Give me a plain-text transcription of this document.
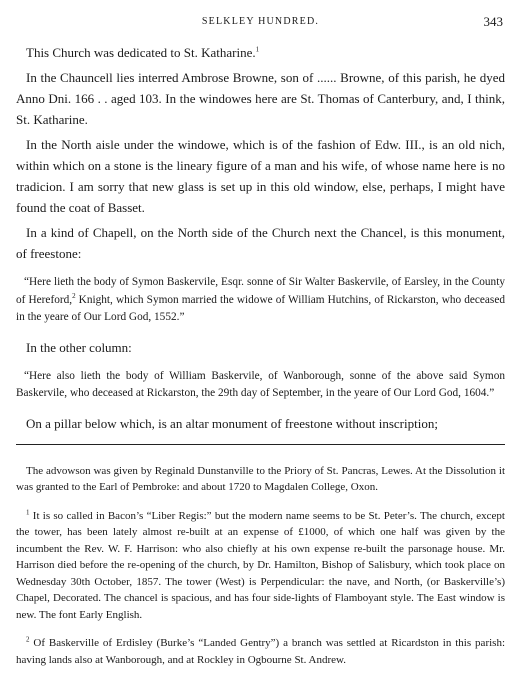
SELKLEY HUNDRED.	343

This Church was dedicated to St. Katharine.$^1$

In the Chauncell lies interred Ambrose Browne, son of ...... Browne, of this parish, he dyed Anno Dni. 166 . . aged 103. In the windowes here are St. Thomas of Canterbury, and, I think, St. Katharine.

In the North aisle under the windowe, which is of the fashion of Edw. III., is an old nich, within which on a stone is the lineary figure of a man and his wife, of whose name here is no tradicion. I am sorry that new glass is set up in this old window, else, perhaps, I might have found the coat of Basset.

In a kind of Chapell, on the North side of the Church next the Chancel, is this monument, of freestone:

“Here lieth the body of Symon Baskervile, Esqr. sonne of Sir Walter Baskervile, of Earsley, in the County of Hereford,$^2$ Knight, which Symon married the widowe of William Hutchins, of Rickarston, who deceased in the yeare of Our Lord God, 1552.”

In the other column:

“Here also lieth the body of William Baskervile, of Wanborough, sonne of the above said Symon Baskervile, who deceased at Rickarston, the 29th day of September, in the yeare of Our Lord God, 1604.”

On a pillar below which, is an altar monument of freestone without inscription;

The advowson was given by Reginald Dunstanville to the Priory of St. Pancras, Lewes. At the Dissolution it was granted to the Earl of Pembroke: and about 1720 to Magdalen College, Oxon.

$^1$ It is so called in Bacon’s “Liber Regis:” but the modern name seems to be St. Peter’s. The church, except the tower, has been lately almost re-built at an expense of £1000, of which one half was given by the incumbent the Rev. W. F. Harrison: who also chiefly at his own expense re-built the parsonage house. Mr. Harrison died before the re-opening of the church, by Dr. Hamilton, Bishop of Salisbury, which took place on Wednesday 30th October, 1857. The tower (West) is Perpendicular: the nave, and North, (or Baskerville’s) Chapel, Decorated. The chancel is spacious, and has four side-lights of Flamboyant style. The East window is new. The font Early English.

$^2$ Of Baskerville of Erdisley (Burke’s “Landed Gentry”) a branch was settled at Ricardston in this parish: having lands also at Wanborough, and at Rockley in Ogbourne St. Andrew.
